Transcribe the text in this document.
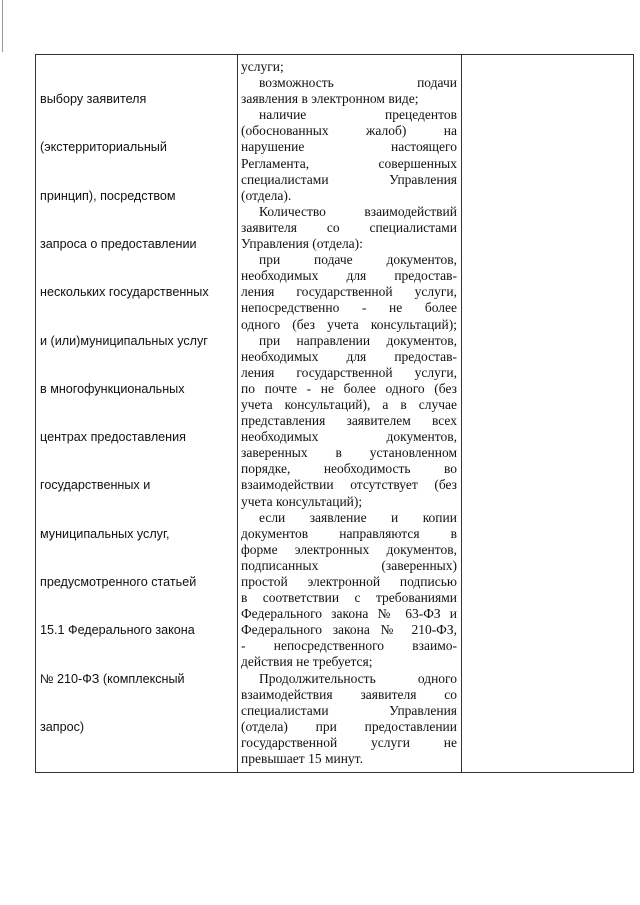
выбору заявителя

(экстерриториальный

принцип), посредством

запроса о предоставлении

нескольких государственных

и (или)муниципальных услуг

в многофункциональных

центрах предоставления

государственных и

муниципальных услуг,

предусмотренного статьей

15.1 Федерального закона

№ 210-ФЗ (комплексный

запрос)

услуги;
возможность подачи
заявления в электронном виде;
наличие прецедентов
(обоснованных жалоб) на
нарушение настоящего
Регламента, совершенных
специалистами Управления
(отдела).
Количество взаимодействий
заявителя со специалистами
Управления (отдела):
при подаче документов,
необходимых для предостав-
ления государственной услуги,
непосредственно - не более
одного (без учета консультаций);
при направлении документов,
необходимых для предостав-
ления государственной услуги,
по почте - не более одного (без
учета консультаций), а в случае
представления заявителем всех
необходимых документов,
заверенных в установленном
порядке, необходимость во
взаимодействии отсутствует (без
учета консультаций);
если заявление и копии
документов направляются в
форме электронных документов,
подписанных (заверенных)
простой электронной подписью
в соответствии с требованиями
Федерального закона № 63-ФЗ и
Федерального закона № 210-ФЗ,
- непосредственного взаимо-
действия не требуется;
Продолжительность одного
взаимодействия заявителя со
специалистами Управления
(отдела) при предоставлении
государственной услуги не
превышает 15 минут.
